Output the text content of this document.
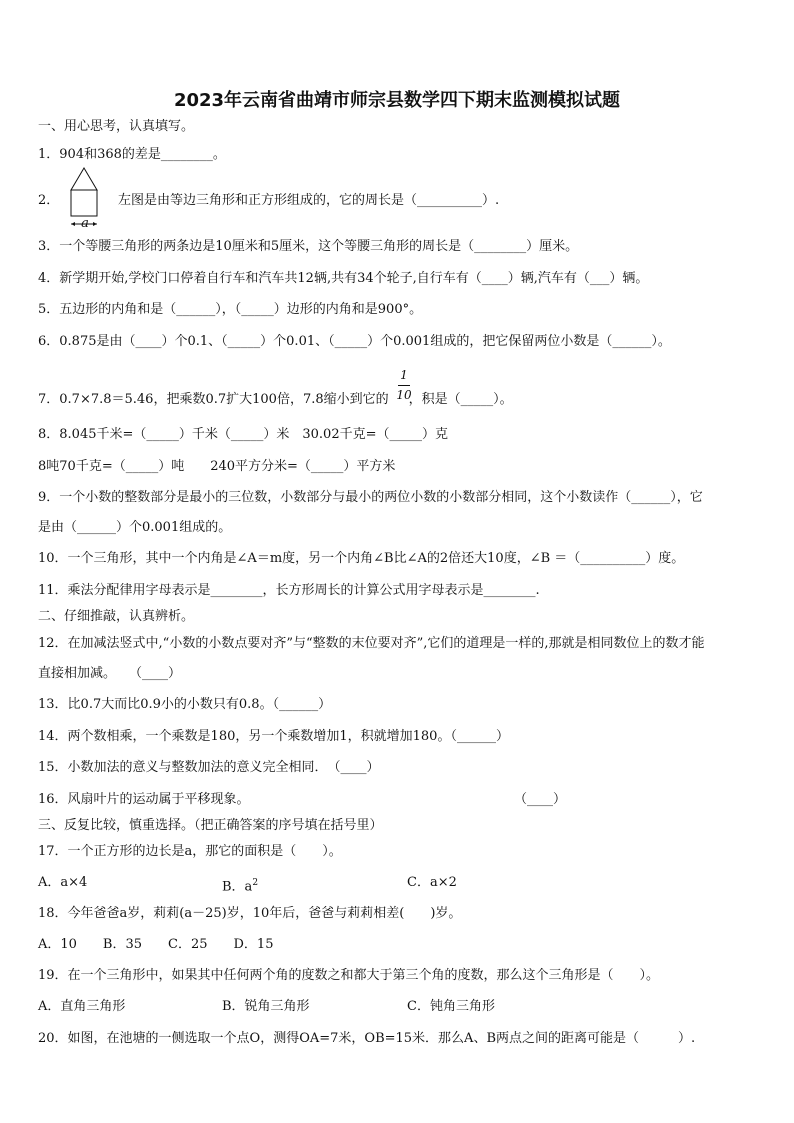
2023年云南省曲靖市师宗县数学四下期末监测模拟试题
一、用心思考，认真填写。
1．904和368的差是________。
2．
a
左图是由等边三角形和正方形组成的，它的周长是（__________）.
3．一个等腰三角形的两条边是10厘米和5厘米，这个等腰三角形的周长是（________）厘米。
4．新学期开始,学校门口停着自行车和汽车共12辆,共有34个轮子,自行车有（____）辆,汽车有（___）辆。
5．五边形的内角和是（______），（_____）边形的内角和是900°。
6．0.875是由（____）个0.1、（_____）个0.01、（_____）个0.001组成的，把它保留两位小数是（______）。
7．0.7×7.8＝5.46，把乘数0.7扩大100倍，7.8缩小到它的 ，积是（_____）。
1
10
8．8.045千米=（_____）千米（_____）米　30.02千克=（_____）克
8吨70千克=（_____）吨　　240平方分米=（_____）平方米
9．一个小数的整数部分是最小的三位数，小数部分与最小的两位小数的小数部分相同，这个小数读作（______），它
是由（______）个0.001组成的。
10．一个三角形，其中一个内角是∠A＝m度，另一个内角∠B比∠A的2倍还大10度，∠B ＝（__________）度。
11．乘法分配律用字母表示是________，长方形周长的计算公式用字母表示是________.
二、仔细推敲，认真辨析。
12．在加减法竖式中,“小数的小数点要对齐”与“整数的末位要对齐”,它们的道理是一样的,那就是相同数位上的数才能
直接相加减。　　（____）
13．比0.7大而比0.9小的小数只有0.8。（______）
14．两个数相乘，一个乘数是180，另一个乘数增加1，积就增加180。（______）
15．小数加法的意义与整数加法的意义完全相同．　（____）
16．风扇叶片的运动属于平移现象。	（____）
三、反复比较，慎重选择。（把正确答案的序号填在括号里）
17．一个正方形的边长是a，那它的面积是（　　）。
A．a×4	B．$a^2$	C．a×2
18．今年爸爸a岁，莉莉(a－25)岁，10年后，爸爸与莉莉相差(　　)岁。
A．10　　B．35　　C．25　　D．15
19．在一个三角形中，如果其中任何两个角的度数之和都大于第三个角的度数，那么这个三角形是（　　）。
A．直角三角形	B．锐角三角形	C．钝角三角形
20．如图，在池塘的一侧选取一个点O，测得OA=7米，OB=15米．那么A、B两点之间的距离可能是（　　　）.
